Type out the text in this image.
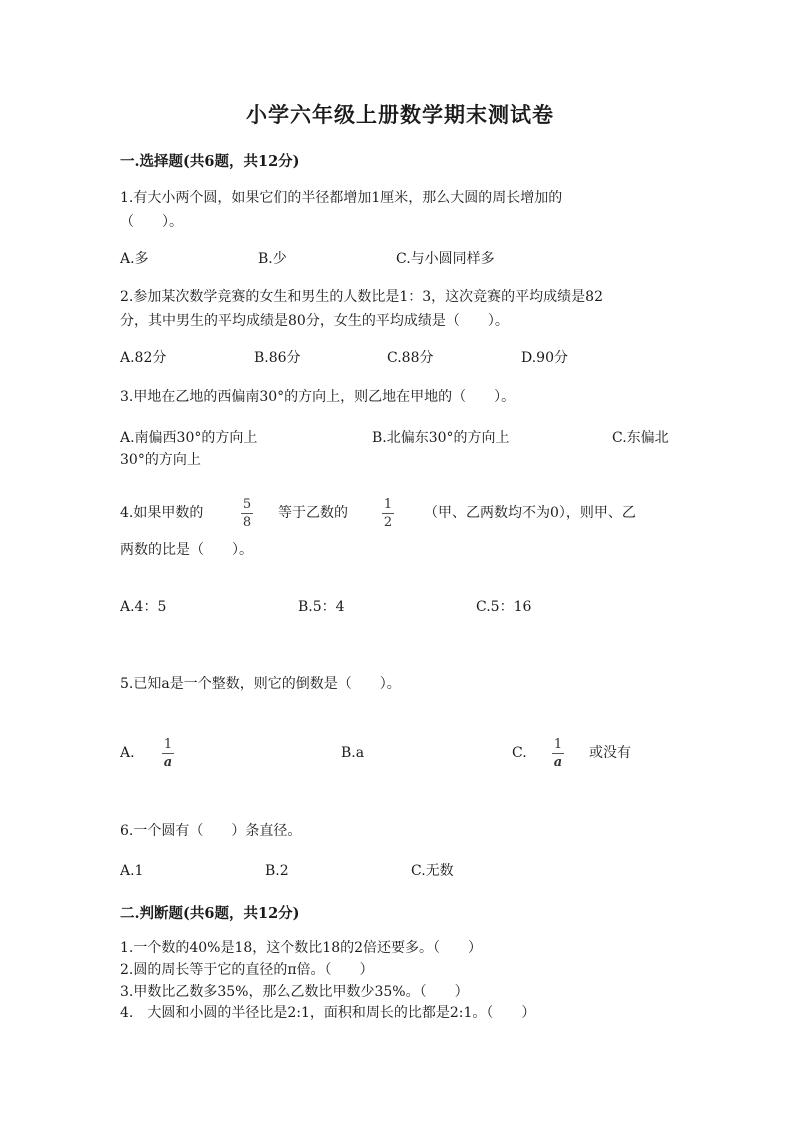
小学六年级上册数学期末测试卷
一.选择题(共6题，共12分)
1.有大小两个圆，如果它们的半径都增加1厘米，那么大圆的周长增加的
（　　）。
A.多	B.少	C.与小圆同样多
2.参加某次数学竞赛的女生和男生的人数比是1：3，这次竞赛的平均成绩是82
分，其中男生的平均成绩是80分，女生的平均成绩是（　　）。
A.82分	B.86分	C.88分	D.90分
3.甲地在乙地的西偏南30°的方向上，则乙地在甲地的（　　）。
A.南偏西30°的方向上	B.北偏东30°的方向上	C.东偏北
30°的方向上
4.如果甲数的
5
8
等于乙数的
1
2
（甲、乙两数均不为0），则甲、乙
两数的比是（　　）。
A.4：5	B.5：4	C.5：16
5.已知a是一个整数，则它的倒数是（　　）。
A.
1
a
B.a	C.
1
a
或没有
6.一个圆有（　　）条直径。
A.1	B.2	C.无数
二.判断题(共6题，共12分)
1.一个数的40%是18，这个数比18的2倍还要多。（　　）
2.圆的周长等于它的直径的π倍。（　　）
3.甲数比乙数多35%，那么乙数比甲数少35%。（　　）
4.　大圆和小圆的半径比是2:1，面积和周长的比都是2:1。（　　）
